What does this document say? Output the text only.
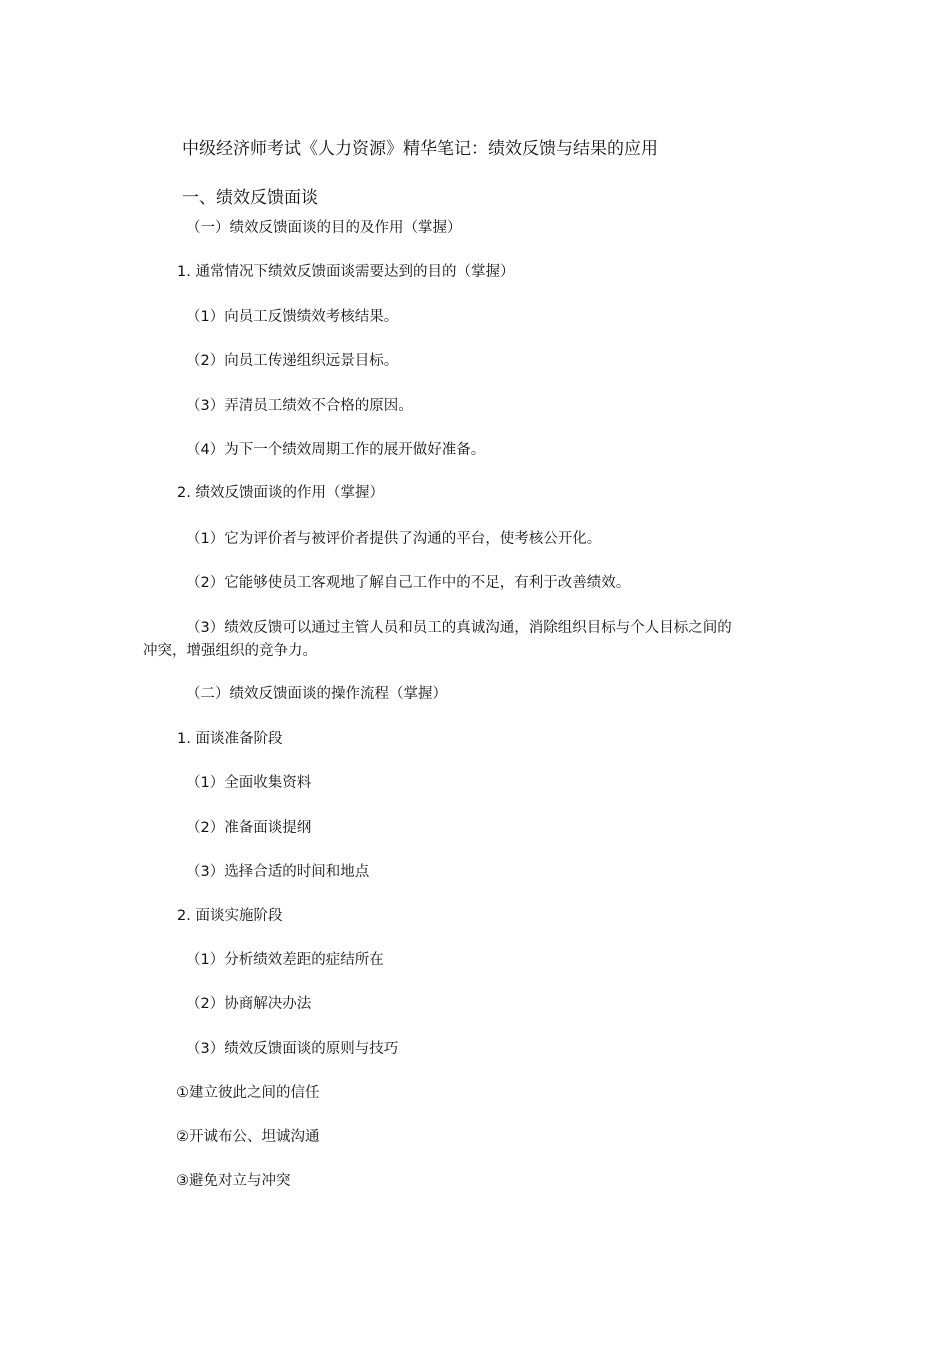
中级经济师考试《人力资源》精华笔记：绩效反馈与结果的应用
一、绩效反馈面谈
（一）绩效反馈面谈的目的及作用（掌握）
1. 通常情况下绩效反馈面谈需要达到的目的（掌握）
（1）向员工反馈绩效考核结果。
（2）向员工传递组织远景目标。
（3）弄清员工绩效不合格的原因。
（4）为下一个绩效周期工作的展开做好准备。
2. 绩效反馈面谈的作用（掌握）
（1）它为评价者与被评价者提供了沟通的平台，使考核公开化。
（2）它能够使员工客观地了解自己工作中的不足，有利于改善绩效。
（3）绩效反馈可以通过主管人员和员工的真诚沟通，消除组织目标与个人目标之间的
冲突，增强组织的竞争力。
（二）绩效反馈面谈的操作流程（掌握）
1. 面谈准备阶段
（1）全面收集资料
（2）准备面谈提纲
（3）选择合适的时间和地点
2. 面谈实施阶段
（1）分析绩效差距的症结所在
（2）协商解决办法
（3）绩效反馈面谈的原则与技巧
①建立彼此之间的信任
②开诚布公、坦诚沟通
③避免对立与冲突
